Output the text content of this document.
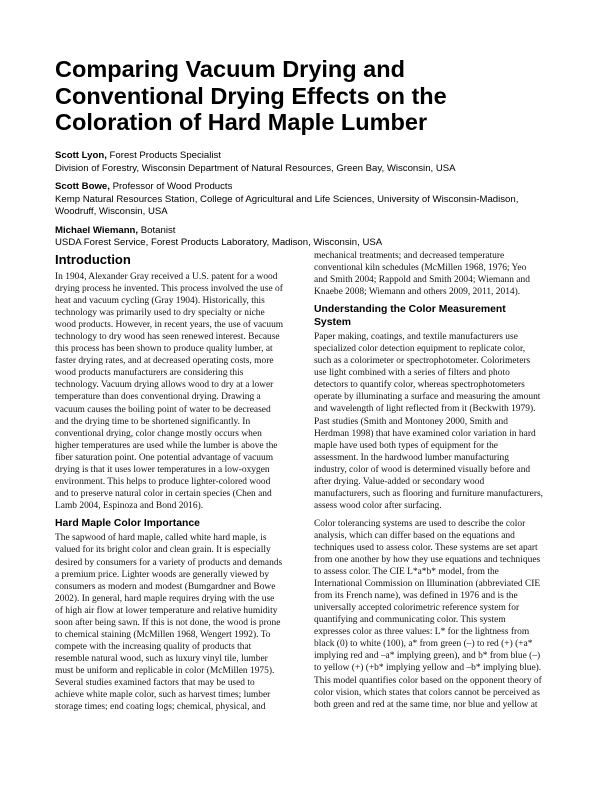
Comparing Vacuum Drying and
Conventional Drying Effects on the
Coloration of Hard Maple Lumber
Scott Lyon, Forest Products Specialist
Division of Forestry, Wisconsin Department of Natural Resources, Green Bay, Wisconsin, USA
Scott Bowe, Professor of Wood Products
Kemp Natural Resources Station, College of Agricultural and Life Sciences, University of Wisconsin-Madison,
Woodruff, Wisconsin, USA
Michael Wiemann, Botanist
USDA Forest Service, Forest Products Laboratory, Madison, Wisconsin, USA
Introduction
In 1904, Alexander Gray received a U.S. patent for a wood
drying process he invented. This process involved the use of
heat and vacuum cycling (Gray 1904). Historically, this
technology was primarily used to dry specialty or niche
wood products. However, in recent years, the use of vacuum
technology to dry wood has seen renewed interest. Because
this process has been shown to produce quality lumber, at
faster drying rates, and at decreased operating costs, more
wood products manufacturers are considering this
technology. Vacuum drying allows wood to dry at a lower
temperature than does conventional drying. Drawing a
vacuum causes the boiling point of water to be decreased
and the drying time to be shortened significantly. In
conventional drying, color change mostly occurs when
higher temperatures are used while the lumber is above the
fiber saturation point. One potential advantage of vacuum
drying is that it uses lower temperatures in a low-oxygen
environment. This helps to produce lighter-colored wood
and to preserve natural color in certain species (Chen and
Lamb 2004, Espinoza and Bond 2016).
Hard Maple Color Importance
The sapwood of hard maple, called white hard maple, is
valued for its bright color and clean grain. It is especially
desired by consumers for a variety of products and demands
a premium price. Lighter woods are generally viewed by
consumers as modern and modest (Bumgardner and Bowe
2002). In general, hard maple requires drying with the use
of high air flow at lower temperature and relative humidity
soon after being sawn. If this is not done, the wood is prone
to chemical staining (McMillen 1968, Wengert 1992). To
compete with the increasing quality of products that
resemble natural wood, such as luxury vinyl tile, lumber
must be uniform and replicable in color (McMillen 1975).
Several studies examined factors that may be used to
achieve white maple color, such as harvest times; lumber
storage times; end coating logs; chemical, physical, and
mechanical treatments; and decreased temperature
conventional kiln schedules (McMillen 1968, 1976; Yeo
and Smith 2004; Rappold and Smith 2004; Wiemann and
Knaebe 2008; Wiemann and others 2009, 2011, 2014).
Understanding the Color Measurement
System
Paper making, coatings, and textile manufacturers use
specialized color detection equipment to replicate color,
such as a colorimeter or spectrophotometer. Colorimeters
use light combined with a series of filters and photo
detectors to quantify color, whereas spectrophotometers
operate by illuminating a surface and measuring the amount
and wavelength of light reflected from it (Beckwith 1979).
Past studies (Smith and Montoney 2000, Smith and
Herdman 1998) that have examined color variation in hard
maple have used both types of equipment for the
assessment. In the hardwood lumber manufacturing
industry, color of wood is determined visually before and
after drying. Value-added or secondary wood
manufacturers, such as flooring and furniture manufacturers,
assess wood color after surfacing.
Color tolerancing systems are used to describe the color
analysis, which can differ based on the equations and
techniques used to assess color. These systems are set apart
from one another by how they use equations and techniques
to assess color. The CIE L*a*b* model, from the
International Commission on Illumination (abbreviated CIE
from its French name), was defined in 1976 and is the
universally accepted colorimetric reference system for
quantifying and communicating color. This system
expresses color as three values: L* for the lightness from
black (0) to white (100), a* from green (–) to red (+) (+a*
implying red and –a* implying green), and b* from blue (–)
to yellow (+) (+b* implying yellow and –b* implying blue).
This model quantifies color based on the opponent theory of
color vision, which states that colors cannot be perceived as
both green and red at the same time, nor blue and yellow at
